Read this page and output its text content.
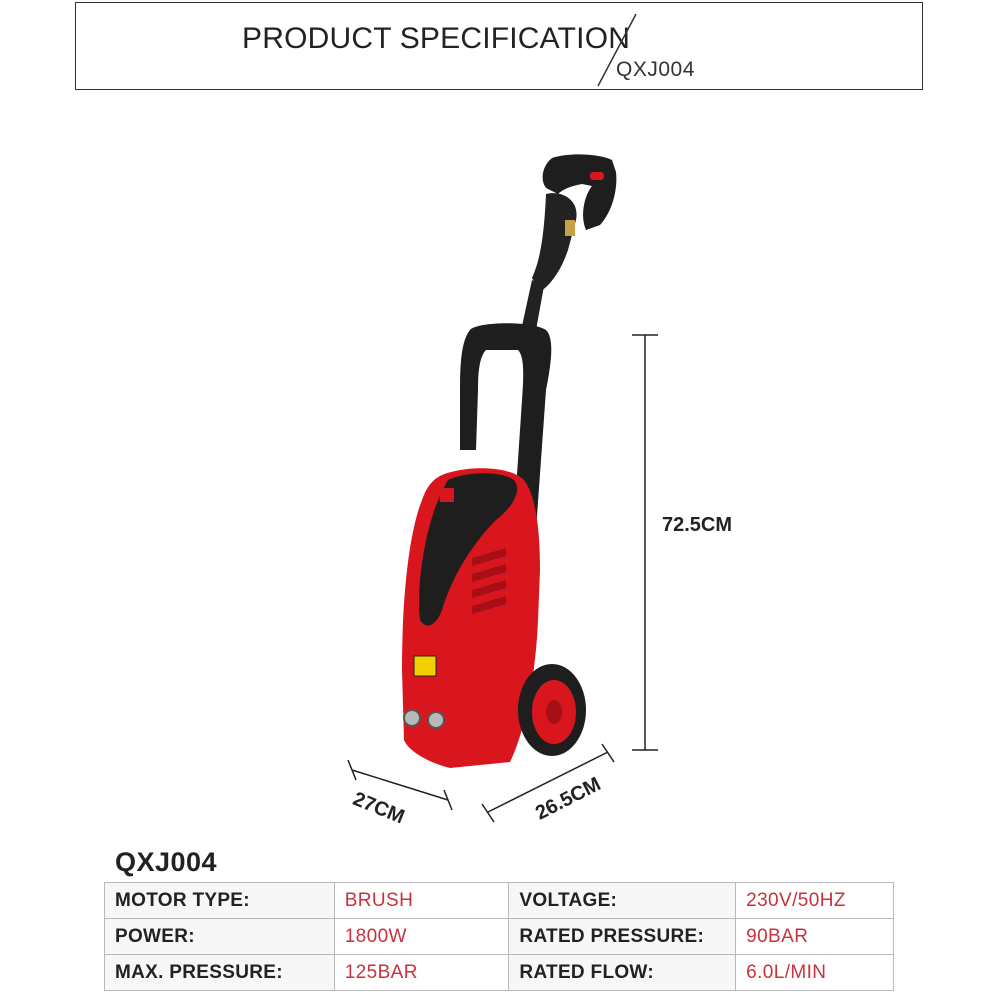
PRODUCT SPECIFICATION
QXJ004
72.5CM
27CM	26.5CM
QXJ004
MOTOR TYPE:	BRUSH	VOLTAGE:	230V/50HZ
POWER:	1800W	RATED PRESSURE:	90BAR
MAX. PRESSURE:	125BAR	RATED FLOW:	6.0L/MIN
